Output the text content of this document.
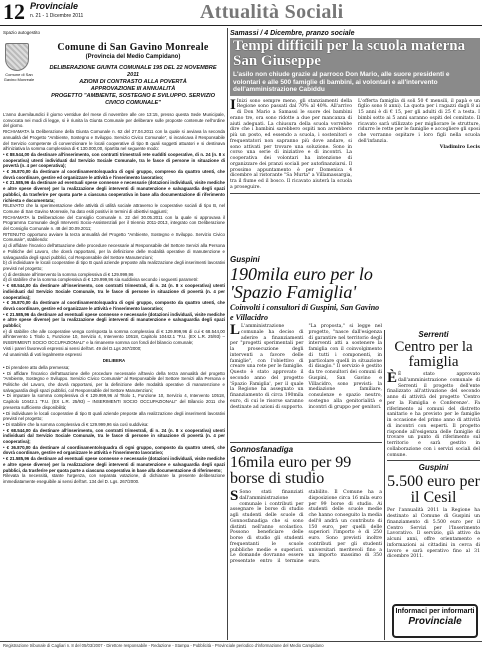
12 Provinciale
n. 21 - 1 Dicembre 2011	Attualità Sociali
Spazio autogestito
Comune di San Gavino Monreale
Comune di San Gavino Monreale
(Provincia del Medio Campidano)
DELIBERAZIONE GIUNTA COMUNALE 195 DEL 22 NOVEMBRE 2011
AZIONI DI CONTRASTO ALLA POVERTÀ
APPROVAZIONE III ANNUALITÀ
PROGETTO "AMBIENTE, SOSTEGNO E SVILUPPO. SERVIZIO CIVICO COMUNALE"

L'anno duemilaundici il giorno ventidue del mese di novembre alle ore 13:15, presso questa Sede Municipale, convocata nei modi di legge, si è riunita la Giunta Comunale per deliberare sulle proposte contenute nell'ordine del giorno.

RICHIAMATA la Deliberazione della Giunta Comunale n. 62 del 27.04.2011 con la quale si avviava la seconda annualità del Progetto "Ambiente, Sostegno e Sviluppo. Servizio Civico Comunale", si incaricava il Responsabile del Servizio competente di convenzionare le locali cooperative di tipo B quali soggetti attuatori e si destinava all'iniziativa la somma complessiva di € 130.000,00, ripartita nel seguente modo:

• € 88.544,00 da destinare all'inserimento, con contratti trimestrali rete sudditi cooperative, di n. 24 (n. 8 x cooperativa) utenti individuati dal Servizio Sociale Comunale, tra le fasce di persone in situazione di povertà (n. 4 per cooperativa);

• € 36.870,00 da destinare al coordinamento/squadra di ogni gruppo, compreso da quattro utenti, che dovrà coordinare, gestire ed organizzare le attività e l'inserimento lavorativo;

• € 21.585,96 da destinare ad eventuali spese connesse e necessarie (dotazioni individuali, visite mediche e altre spese diverse) per la realizzazione degli interventi di manutenzione e salvaguardia degli spazi pubblici, da trasferire per quota parte a ciascuna cooperativa in base alla documentazione di riferimento richiesta e documentata;

RILEVATO che la sperimentazione delle attività di utilità sociale attraverso le cooperative sociali di tipo B, nel Comune di San Gavino Monreale, ha dato esiti positivi in termini di obiettivi raggiunti;

RICHIAMATA la Deliberazione del Consiglio Comunale n. 22 del 30.05.2011 con la quale si approvava il Programma Comunale degli Interventi Socio-Assistenziali per il triennio 2011-2013, integrato con Deliberazione del Consiglio Comunale n. 48 del 30.09.2011;

RITENUTO opportuno avviare la terza annualità del Progetto "Ambiente, Sostegno e Sviluppo. Servizio Civico Comunale", stabilendo:

a) di affidare l'incarico dell'attuazione delle procedure necessarie al Responsabile del Settore Servizi alla Persona e Politiche del Lavoro, che dovrà rapportarsi, per la definizione delle modalità operative di manutenzione e salvaguardia degli spazi pubblici, col Responsabile del Settore Manutenzioni;

b) di individuare le locali cooperative di tipo B quali aziende preposte alla realizzazione degli inserimenti lavorativi previsti nel progetto;

c) di destinare all'intervento la somma complessiva di € 129.999,96

d) di stabilire che la somma complessiva di € 129.999,96 sia suddivisa secondo i seguenti parametri:

• € 68.544,00 da destinare all'inserimento, con contratti trimestrali, di n. 24 (n. 8 x cooperativa) utenti individuati dal Servizio Sociale Comunale, tra le fasce di persone in situazione di povertà (n. 4 per cooperativa);

• € 36.870,00 da destinare al coordinamento/squadra di ogni gruppo, composto da quattro utenti, che dovrà coordinare, gestire ed organizzare le attività e l'inserimento lavorativo;

• € 21.585,96 da destinare ad eventuali spese connesse e necessarie (dotazioni individuali, visite mediche e altre spese diverse) per la realizzazione degli interventi di manutenzione e salvaguardia degli spazi pubblici;

e) di stabilire che alle cooperative venga corrisposta la somma complessiva di € 129.999,96 di cui € 68.544,00 all'intervento 1 Titolo 1, Funzione 10, Servizio 4, Intervento 10518, Capitolo 10442.1 "F.U. (EX L.R. 25/93) – INSERIMENTI SOCIO OCCUPAZIONALI" e la rimanente somma con fondi del bilancio comunale;

Visti i pareri favorevoli espressi ai sensi dell'art. 49 del D.Lgs 267/2000;

Ad unanimità di voti legalmente espressi

DELIBERA

• Di prendere atto della premessa;

• Di affidare l'incarico dell'attuazione delle procedure necessarie all'avvio della terza annualità del progetto "Ambiente, Sostegno e Sviluppo. Servizio Civico Comunale" al Responsabile del Settore Servizi alla Persona e Politiche del Lavoro, che dovrà rapportarsi, per la definizione delle modalità operative di manutenzione e salvaguardia degli spazi pubblici, col Responsabile del Settore Manutenzioni;

• Di imputare la somma complessiva di € 129.999,96 al Titolo 1, Funzione 10, Servizio 4, Intervento 10518, Capitolo 10442.1 "F.U. (EX L.R. 25/93) – INSERIMENTI SOCIO OCCUPAZIONALI" del Bilancio 2011 che presenta sufficiente disponibilità;

• Di individuare le locali cooperative di tipo B quali aziende preposte alla realizzazione degli inserimenti lavorativi previsti nel progetto;

• Di stabilire che la somma complessiva di € 129.999,96 sia così suddivisa:

• € 68.544,00 da destinare all'inserimento, con contratti trimestrali, di n. 24 (n. 8 x cooperativa) utenti individuati dal Servizio Sociale Comunale, tra le fasce di persone in situazione di povertà (n. 4 per cooperativa);

• € 36.870,00 da destinare al coordinamento/squadra di ogni gruppo, composto da quattro utenti, che dovrà coordinare, gestire ed organizzare le attività e l'inserimento lavorativo;

• € 21.585,96 da destinare ad eventuali spese connesse e necessarie (dotazioni individuali, visite mediche e altre spese diverse) per la realizzazione degli interventi di manutenzione e salvaguardia degli spazi pubblici, da trasferire per quota parte a ciascuna cooperativa in base alla documentazione di riferimento;

Rilevata la necessità, stante l'urgenza, con separata votazione, di dichiarare la presente deliberazione immediatamente eseguibile ai sensi dell'art. 134 del D. Lgs. 267/2000.

Samassi / 4 Dicembre, pranzo sociale
Tempi difficili per la scuola materna San Giuseppe
L'asilo non chiude grazie al parroco Don Mario, alle suore presidenti e volontari e alle 500 famiglie di bambini, ai volontari e all'intervento dell'amministrazione Cabiddu
I Inizi sono sempre meno, gli stanziamenti della Regione sono passati dal 70% al 40%. All'arrivo di Don Mario a Samassi le suore dei bambini erano tre, ora sono ridotte a due per mancanza di aiuti adeguati. La chiusura della scuola vorrebbe dire che i bambini sarebbero ospiti non avrebbero più un posto, ed essendo a scuola, i sostenitori e frequentatori non sapranno più dove andare, si sono attivati per trovare una soluzione. Sono in corso una serie di iniziative e di incontri. La cooperativa dei volontari ha intenzione di organizzare dei pranzi sociali per autofinanziarsi. Il prossimo appuntamento è per Domenica 4 dicembre al ristorante "Sa Murta" a Villamassargia, tra il fiume ed il bosco. Il ricavato aiuterà la scuola a proseguire.
L'offerta famiglia di soli 50 € mensili, il papà e un figlio sono 8 anni). La quota per i ragazzi dagli 8 ai 15 anni è di € 15, per gli adulti di 25 € a testa. I bimbi sotto ai 5 anni saranno ospiti del comitato. Il ricavato sarà utilizzato per migliorare le strutture, ridurre le rette per le famiglie e accogliere gli sposi che vorranno ospitare i loro figli nella scuola dell'infanzia.
Vladimiro Lecis
Guspini
190mila euro per lo 'Spazio Famiglia'
Coinvolti i consultori di Guspini, San Gavino e Villacidro
L L'amministrazione comunale ha deciso di aderire a finanziamenti per "progetti sperimentali per la prosecuzione degli interventi a favore delle famiglie", con l'obiettivo di creare una rete per le famiglie. Questo è stato approvato il secondo anno del progetto 'Spazio Famiglia', per il quale la Regione ha assegnato un finanziamento di circa 190mila euro, di cui le risorse saranno destinate ad azioni di supporto. "La proposta," si legge nel progetto, "nasce dall'esigenza di garantire nel territorio degli interventi atti a sostenere la famiglia con il coinvolgimento di tutti i componenti, in particolare quelli in situazione di disagio." Il servizio è gestito da tre consultori dei comuni di Guspini, San Gavino e Villacidro, sono previsti: la mediazione familiare, consulenze e spazio neutro, sostegno alla genitorialità e incontri di gruppo per genitori.
Gonnosfanadiga
16mila euro per 99 borse di studio
S Sono stati finanziati dall'amministrazione comunale i contributi per assegnare le borse di studio agli studenti delle scuole di Gonnosfanadiga che si sono distinti nell'anno scolastico. Possono beneficiare delle borse di studio gli studenti frequentanti le scuole pubbliche medie e superiori. Le domande dovranno essere presentate entro il termine stabilito. Il Comune ha a disposizione circa 16 mila euro per 99 borse di studio. Ai studenti delle scuole medie che hanno conseguito la media dell'8 andrà un contributo di 150 euro, per quelli delle superiori l'importo è di 250 euro. Sono previsti inoltre contributi per gli studenti universitari meritevoli fino a un importo massimo di 350 euro.
Serrenti
Centro per la famiglia
È È stato approvato dall'amministrazione comunale di Serrenti il progetto dell'ente finalizzato all'attivazione del secondo anno di attività del progetto 'Centro per la Famiglia e Conferenze'. Fa riferimento ai comuni del distretto sanitario e ha previsto per le famiglie in occasione del primo anno di attività di incontri con esperti. Il progetto risponde all'esigenza delle famiglie di trovare un punto di riferimento sul territorio e sarà gestito in collaborazione con i servizi sociali del comune.
Guspini
5.500 euro per il Cesil
Per l'annualità 2011 la Regione ha destinato al Comune di Guspini un finanziamento di 5.500 euro per il Centro Servizi per l'Inserimento Lavorativo. Il servizio, già attivo da alcuni anni, offre orientamento e informazioni ai cittadini in cerca di lavoro e sarà operativo fino al 31 dicembre 2011.
Informaci per informarti
Provinciale
Registrazione tribunale di Cagliari n. 8 del 05/03/2007 - Direttore responsabile - Redazione - Stampa - Pubblicità - Provinciale periodico d'informazione del Medio Campidano
